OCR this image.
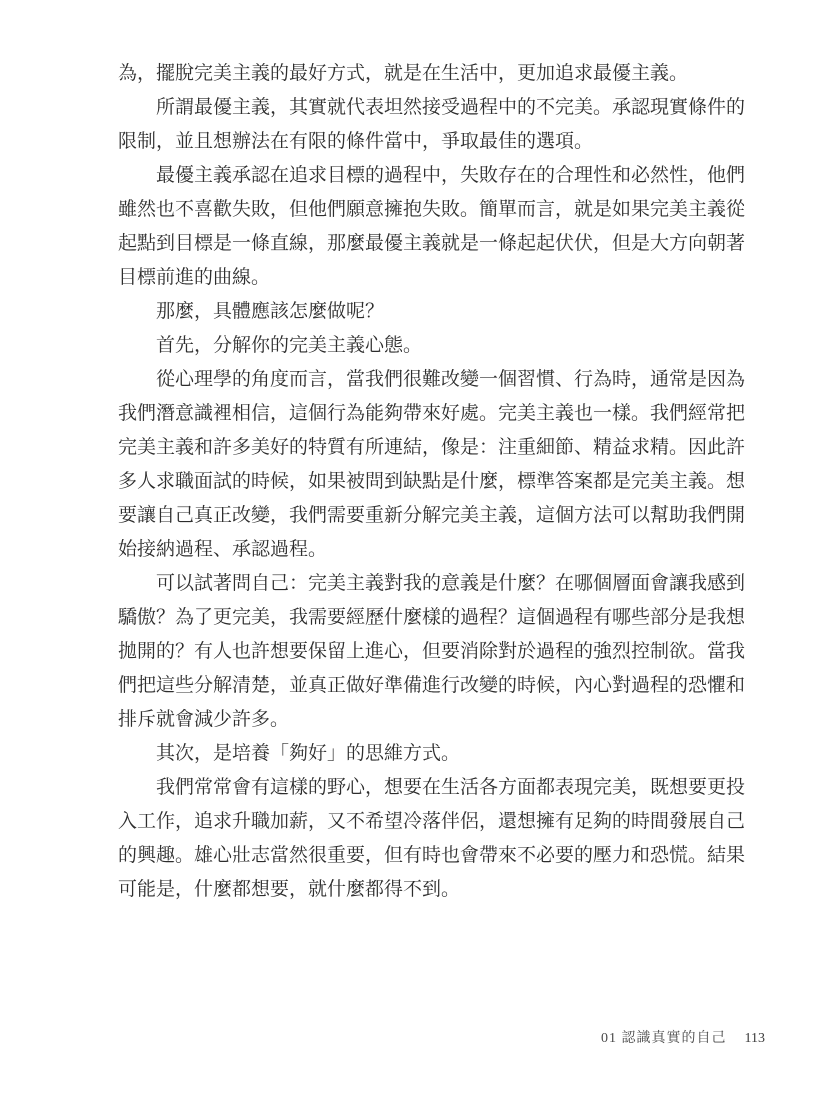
為，擺脫完美主義的最好方式，就是在生活中，更加追求最優主義。
所謂最優主義，其實就代表坦然接受過程中的不完美。承認現實條件的
限制，並且想辦法在有限的條件當中，爭取最佳的選項。
最優主義承認在追求目標的過程中，失敗存在的合理性和必然性，他們
雖然也不喜歡失敗，但他們願意擁抱失敗。簡單而言，就是如果完美主義從
起點到目標是一條直線，那麼最優主義就是一條起起伏伏，但是大方向朝著
目標前進的曲線。
那麼，具體應該怎麼做呢？
首先，分解你的完美主義心態。
從心理學的角度而言，當我們很難改變一個習慣、行為時，通常是因為
我們潛意識裡相信，這個行為能夠帶來好處。完美主義也一樣。我們經常把
完美主義和許多美好的特質有所連結，像是：注重細節、精益求精。因此許
多人求職面試的時候，如果被問到缺點是什麼，標準答案都是完美主義。想
要讓自己真正改變，我們需要重新分解完美主義，這個方法可以幫助我們開
始接納過程、承認過程。
可以試著問自己：完美主義對我的意義是什麼？在哪個層面會讓我感到
驕傲？為了更完美，我需要經歷什麼樣的過程？這個過程有哪些部分是我想
拋開的？有人也許想要保留上進心，但要消除對於過程的強烈控制欲。當我
們把這些分解清楚，並真正做好準備進行改變的時候，內心對過程的恐懼和
排斥就會減少許多。
其次，是培養「夠好」的思維方式。
我們常常會有這樣的野心，想要在生活各方面都表現完美，既想要更投
入工作，追求升職加薪，又不希望冷落伴侶，還想擁有足夠的時間發展自己
的興趣。雄心壯志當然很重要，但有時也會帶來不必要的壓力和恐慌。結果
可能是，什麼都想要，就什麼都得不到。
01 認識真實的自己 113
